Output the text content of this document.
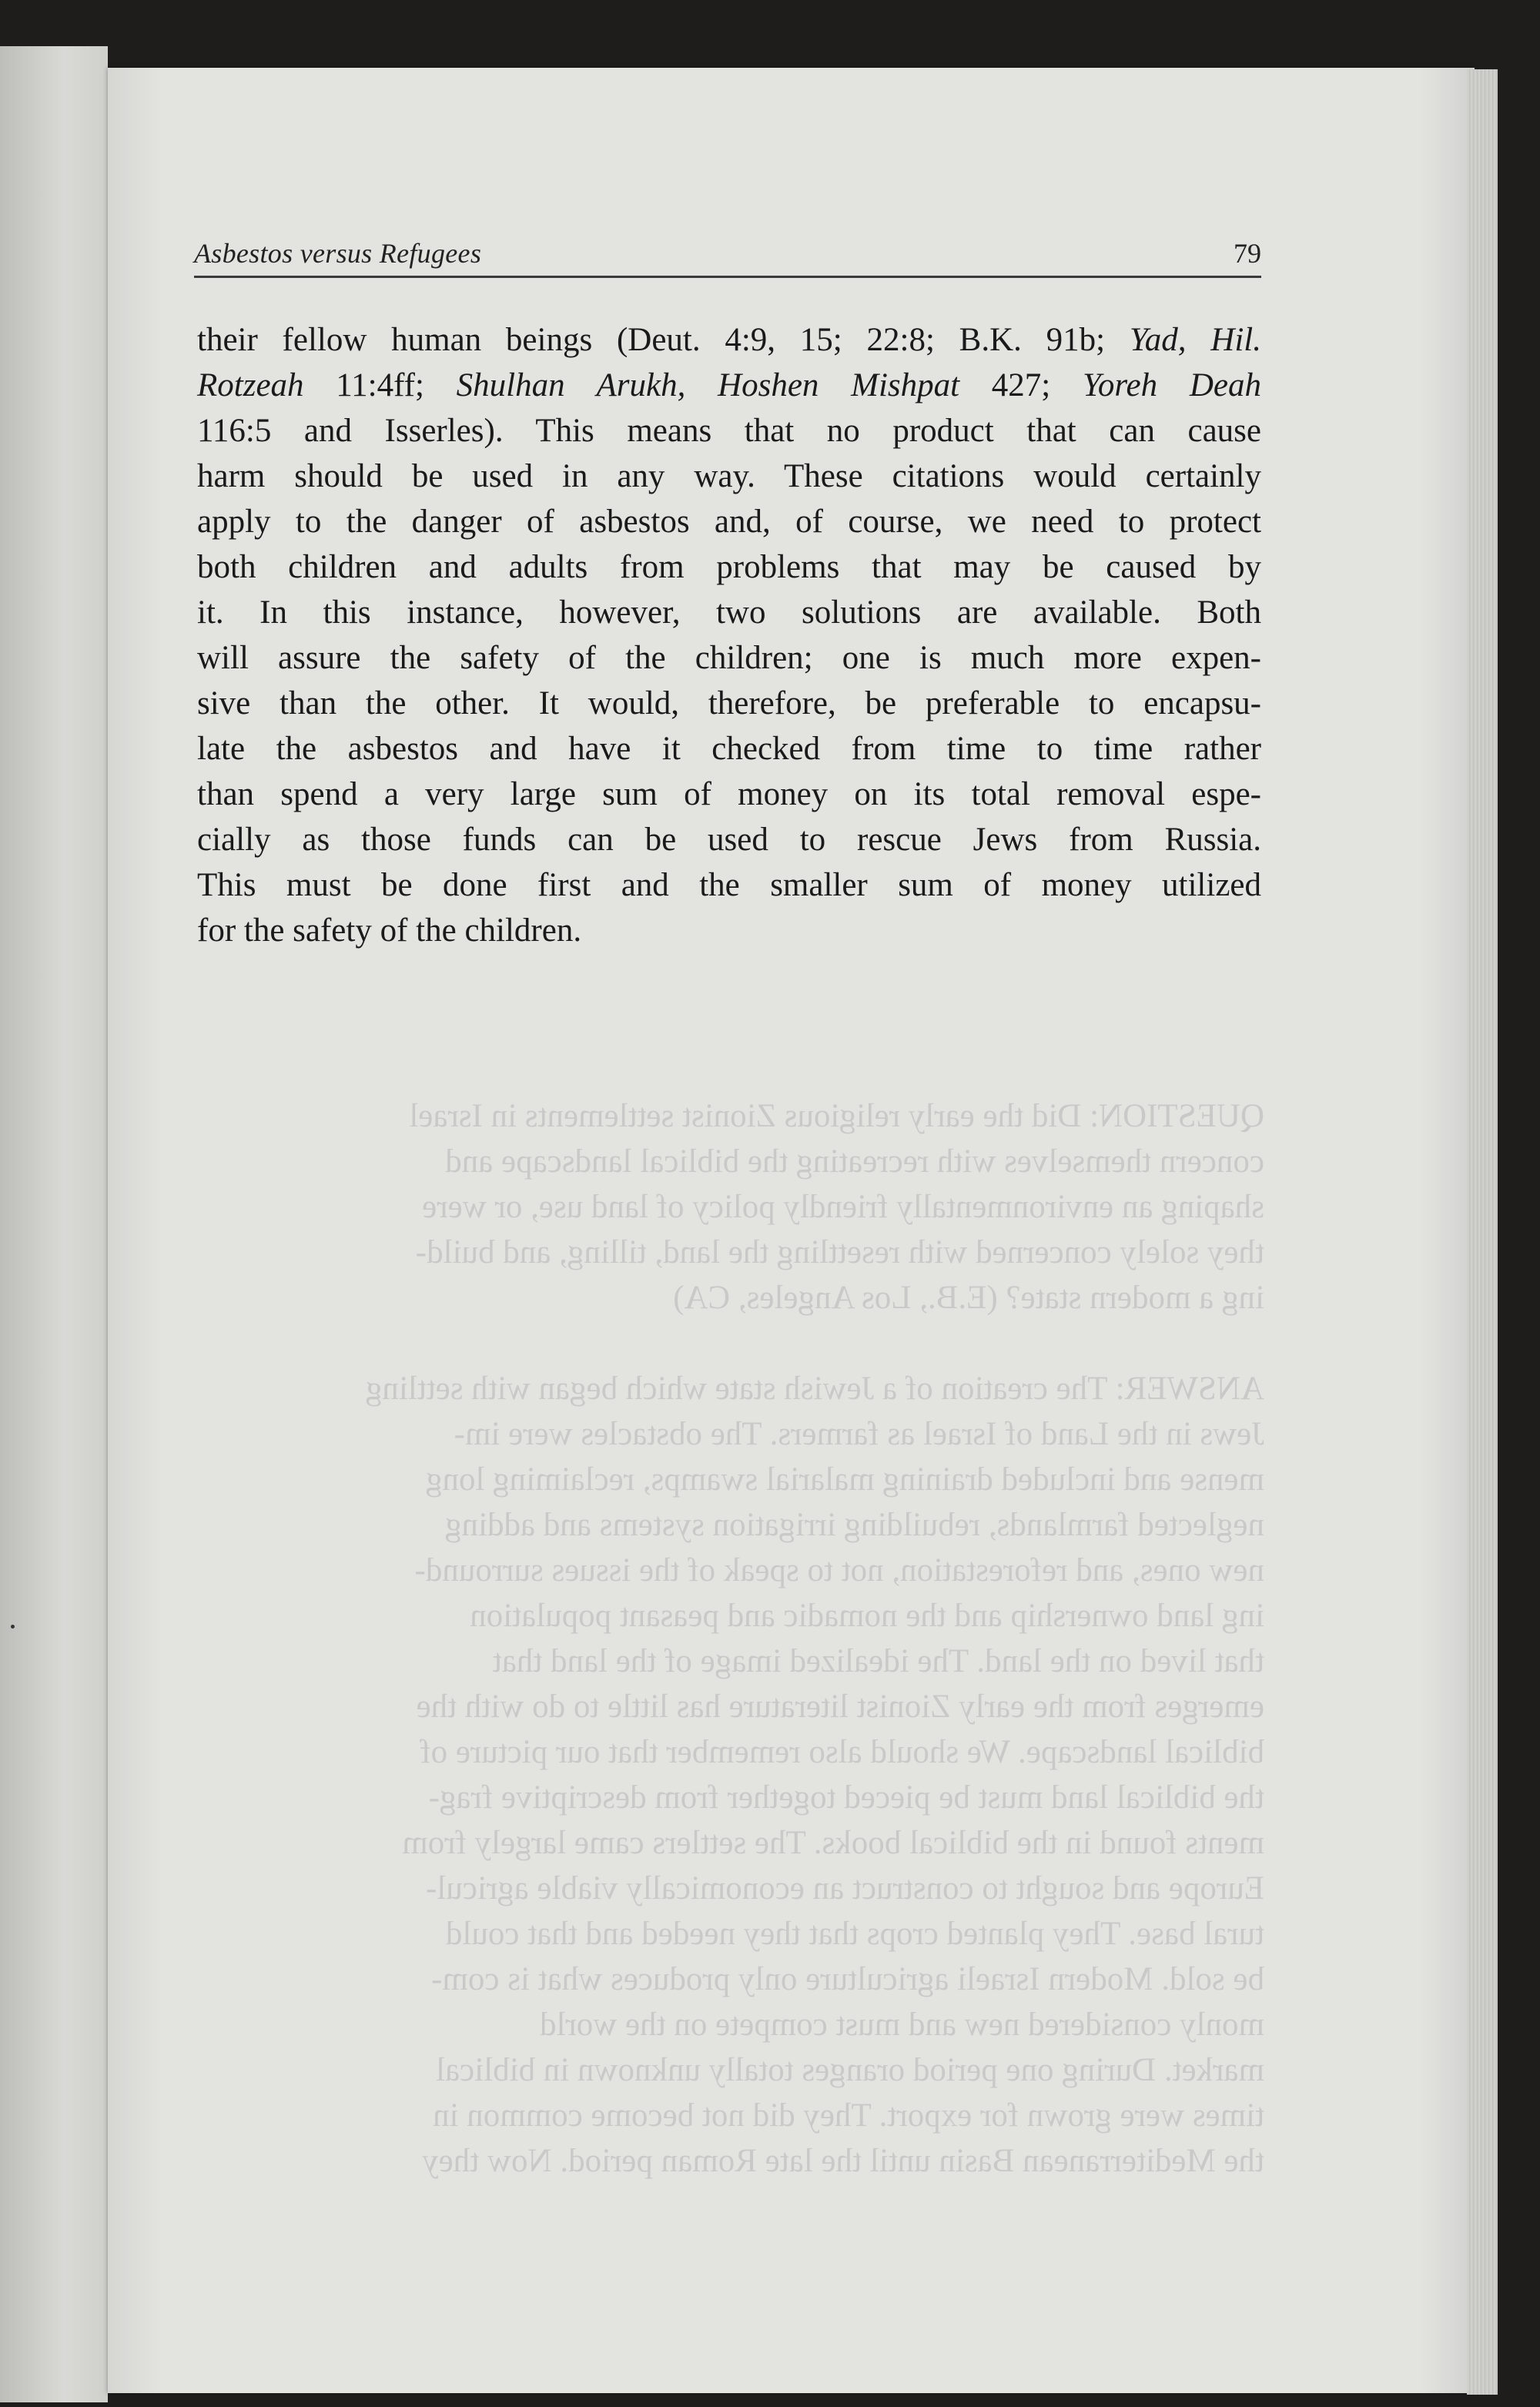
QUESTION: Did the early religious Zionist settlements in Israel
concern themselves with recreating the biblical landscape and
shaping an environmentally friendly policy of land use, or were
they solely concerned with resettling the land, tilling, and build-
ing a modern state? (E.B., Los Angeles, CA)
ANSWER: The creation of a Jewish state which began with settling
Jews in the Land of Israel as farmers. The obstacles were im-
mense and included draining malarial swamps, reclaiming long
neglected farmlands, rebuilding irrigation systems and adding
new ones, and reforestation, not to speak of the issues surround-
ing land ownership and the nomadic and peasant population
that lived on the land. The idealized image of the land that
emerges from the early Zionist literature has little to do with the
biblical landscape. We should also remember that our picture of
the biblical land must be pieced together from descriptive frag-
ments found in the biblical books. The settlers came largely from
Europe and sought to construct an economically viable agricul-
tural base. They planted crops that they needed and that could
be sold. Modern Israeli agriculture only produces what is com-
monly considered new and must compete on the world
market. During one period oranges totally unknown in biblical
times were grown for export. They did not become common in
the Mediterranean Basin until the late Roman period. Now they
Asbestos versus Refugees	79
their fellow human beings (Deut. 4:9, 15; 22:8; B.K. 91b; Yad, Hil.
Rotzeah 11:4ff; Shulhan Arukh, Hoshen Mishpat 427; Yoreh Deah
116:5 and Isserles). This means that no product that can cause
harm should be used in any way. These citations would certainly
apply to the danger of asbestos and, of course, we need to protect
both children and adults from problems that may be caused by
it. In this instance, however, two solutions are available. Both
will assure the safety of the children; one is much more expen-
sive than the other. It would, therefore, be preferable to encapsu-
late the asbestos and have it checked from time to time rather
than spend a very large sum of money on its total removal espe-
cially as those funds can be used to rescue Jews from Russia.
This must be done first and the smaller sum of money utilized
for the safety of the children.
